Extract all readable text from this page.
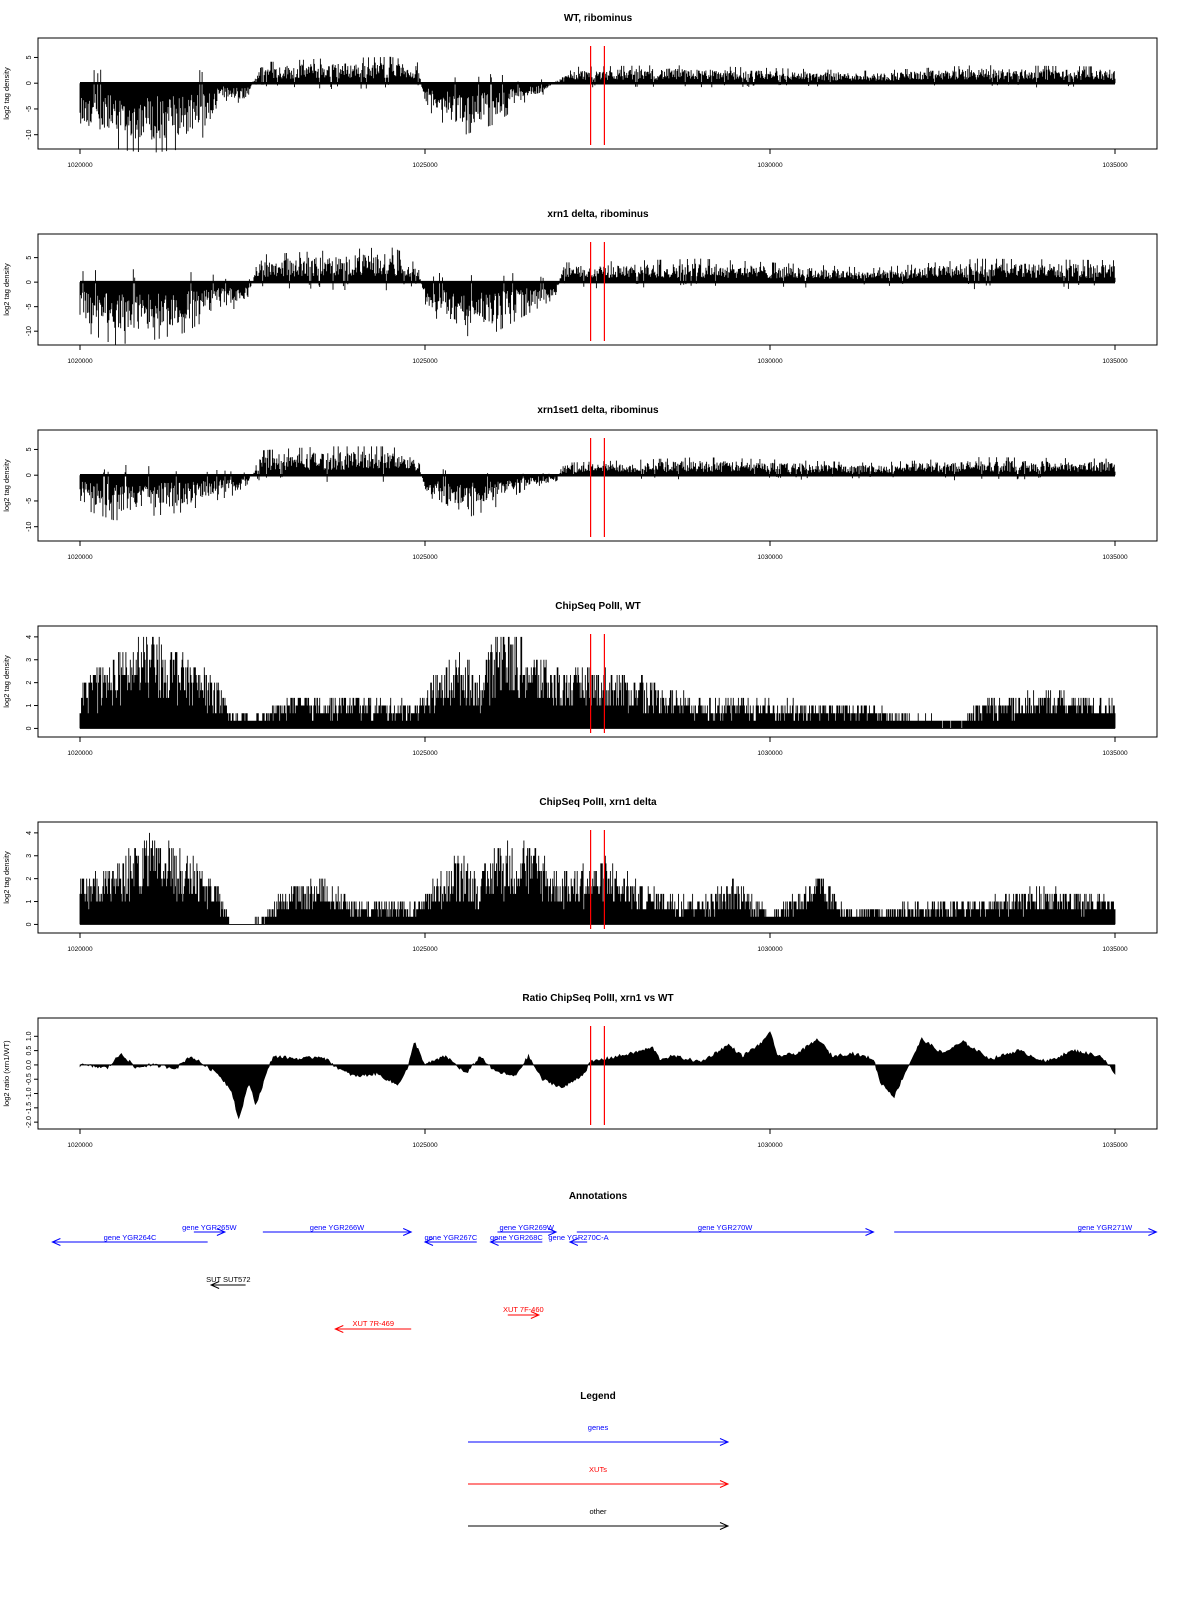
WT, ribominus
-10
-5
0
5
log2 tag density
1020000	1025000	1030000	1035000
xrn1 delta, ribominus
-10
-5
0
5
log2 tag density
1020000	1025000	1030000	1035000
xrn1set1 delta, ribominus
-10
-5
0
5
log2 tag density
1020000	1025000	1030000	1035000
ChipSeq PolII, WT
0
1
2
3
4
log2 tag density
1020000	1025000	1030000	1035000
ChipSeq PolII, xrn1 delta
0
1
2
3
4
log2 tag density
1020000	1025000	1030000	1035000
Ratio ChipSeq PolII, xrn1 vs WT
-2.0
-1.5
-1.0
-0.5
0.0
0.5
1.0
log2 ratio (xrn1/WT)
1020000	1025000	1030000	1035000
Annotations
gene YGR264C
gene YGR265W	gene YGR266W
gene YGR267C gene YGR268C
gene YGR269W
gene YGR270C-A
gene YGR270W	gene YGR271W
SUT SUT572
XUT 7R-469
XUT 7F-460
Legend
genes
XUTs
other
